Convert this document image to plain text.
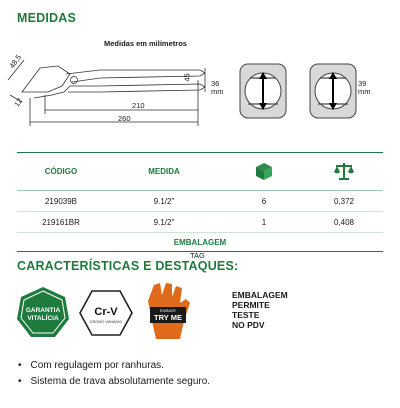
MEDIDAS
Medidas em milímetros
48,5
12
45
210
260
36
mm
39
mm
CÓDIGO	MEDIDA		
219039B	9.1/2"	6	0,372
219161BR	9.1/2"	1	0,408
EMBALAGEM			
TAG
CARACTERÍSTICAS E DESTAQUES:
GARANTIA
VITALÍCIA
Cr-V
CROMO VANÁDIO
ENSAYE
TRY ME
EMBALAGEM
PERMITE
TESTE
NO PDV
• Com regulagem por ranhuras.
• Sistema de trava absolutamente seguro.
